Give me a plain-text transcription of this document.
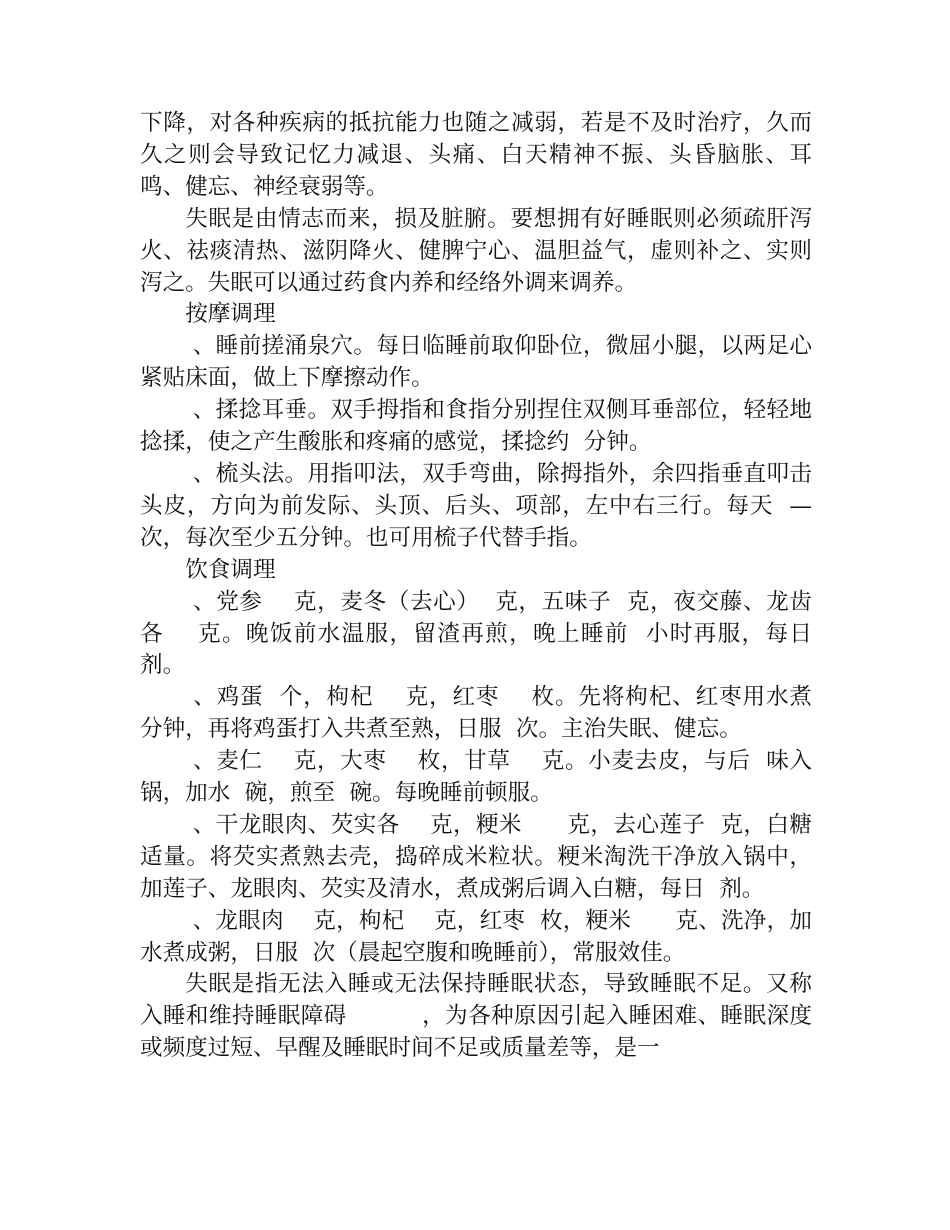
下降，对各种疾病的抵抗能力也随之减弱，若是不及时治疗，久而久之则会导致记忆力减退、头痛、白天精神不振、头昏脑胀、耳鸣、健忘、神经衰弱等。

失眠是由情志而来，损及脏腑。要想拥有好睡眠则必须疏肝泻火、祛痰清热、滋阴降火、健脾宁心、温胆益气，虚则补之、实则泻之。失眠可以通过药食内养和经络外调来调养。

按摩调理

、睡前搓涌泉穴。每日临睡前取仰卧位，微屈小腿，以两足心紧贴床面，做上下摩擦动作。

、揉捻耳垂。双手拇指和食指分别捏住双侧耳垂部位，轻轻地捻揉，使之产生酸胀和疼痛的感觉，揉捻约  分钟。

、梳头法。用指叩法，双手弯曲，除拇指外，余四指垂直叩击头皮，方向为前发际、头顶、后头、项部，左中右三行。每天  —  次，每次至少五分钟。也可用梳子代替手指。

饮食调理

、党参    克，麦冬（去心）  克，五味子  克，夜交藤、龙齿各    克。晚饭前水温服，留渣再煎，晚上睡前  小时再服，每日  剂。

、鸡蛋  个，枸杞    克，红枣    枚。先将枸杞、红枣用水煮    分钟，再将鸡蛋打入共煮至熟，日服  次。主治失眠、健忘。

、麦仁    克，大枣    枚，甘草    克。小麦去皮，与后  味入锅，加水  碗，煎至  碗。每晚睡前顿服。

、干龙眼肉、芡实各    克，粳米      克，去心莲子  克，白糖适量。将芡实煮熟去壳，捣碎成米粒状。粳米淘洗干净放入锅中，加莲子、龙眼肉、芡实及清水，煮成粥后调入白糖，每日  剂。

、龙眼肉    克，枸杞    克，红枣  枚，粳米      克、洗净，加水煮成粥，日服  次（晨起空腹和晚睡前），常服效佳。

失眠是指无法入睡或无法保持睡眠状态，导致睡眠不足。又称入睡和维持睡眠障碍          ，为各种原因引起入睡困难、睡眠深度或频度过短、早醒及睡眠时间不足或质量差等，是一
